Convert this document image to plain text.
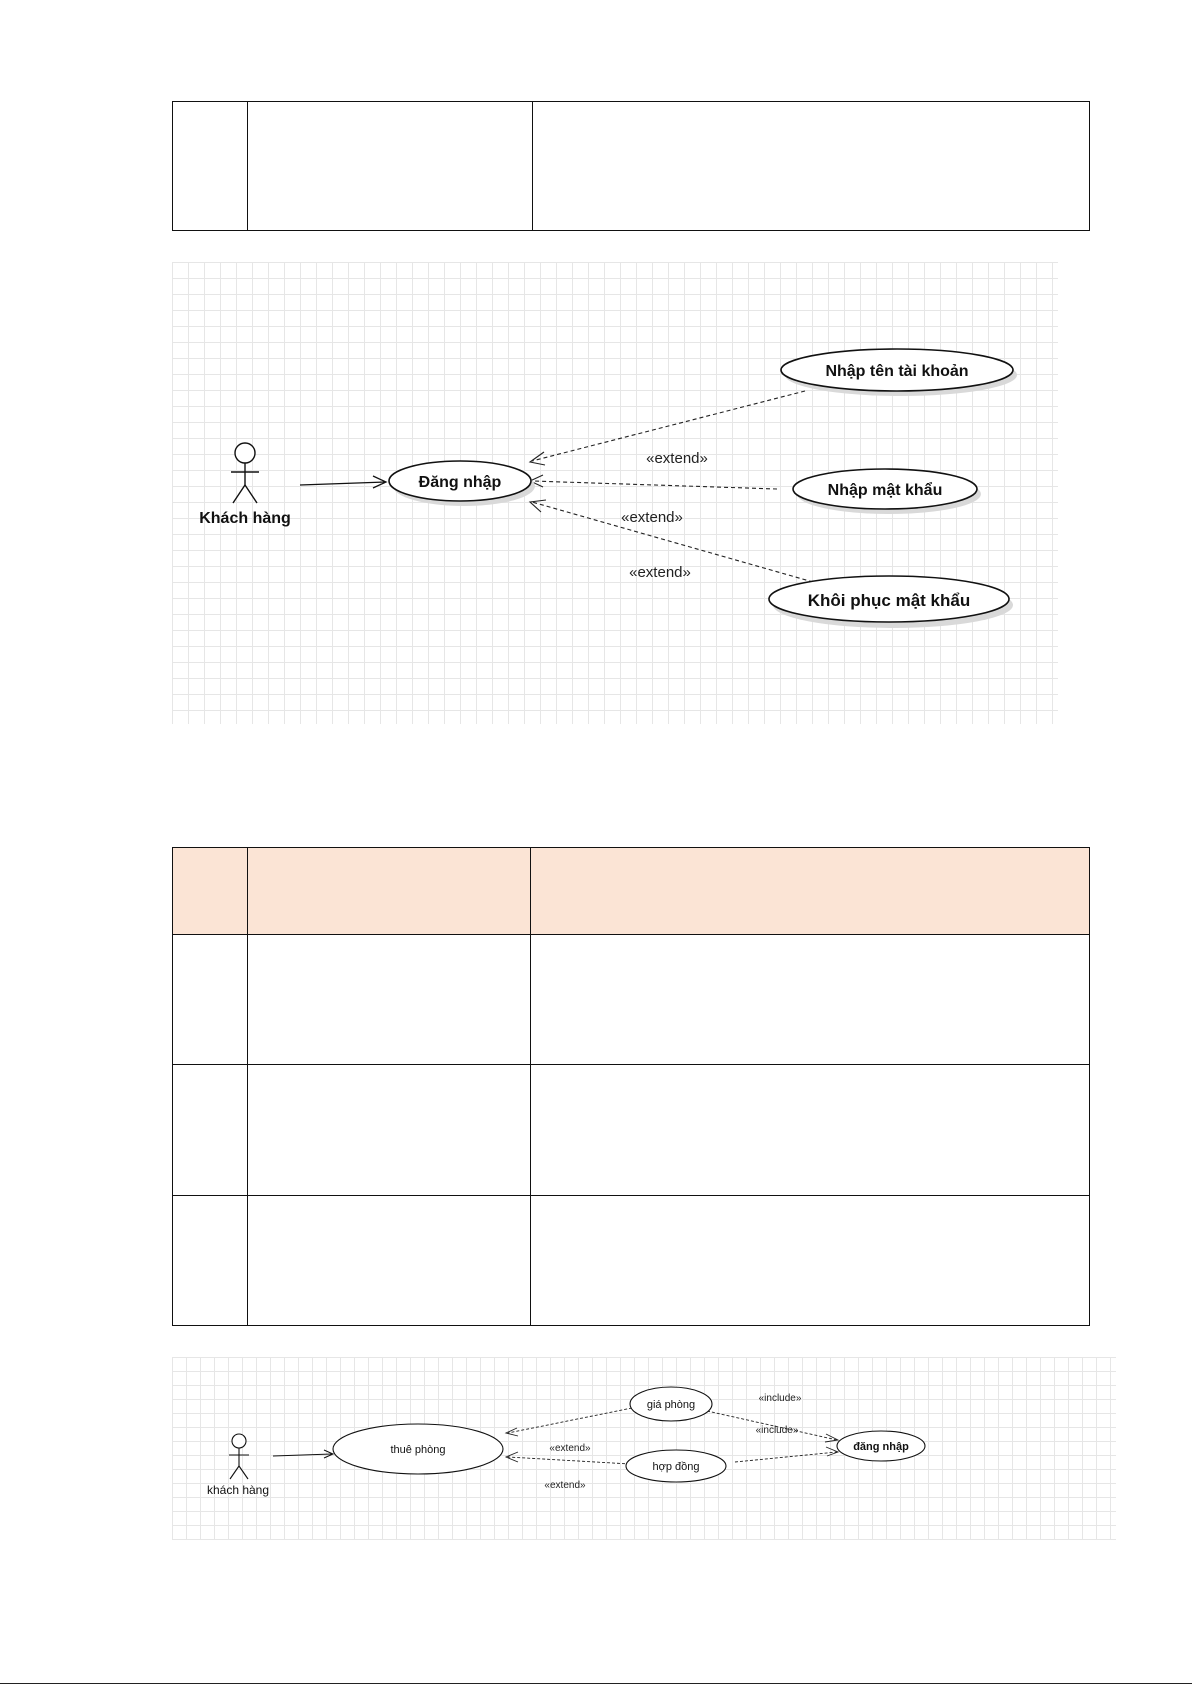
Khách hàng
«extend»
«extend»
«extend»
Đăng nhập
Nhập tên tài khoản
Nhập mật khẩu
Khôi phục mật khẩu

khách hàng
«extend»
«extend»
«include»
«include»
thuê phòng
giá phòng
hợp đồng
đăng nhập
